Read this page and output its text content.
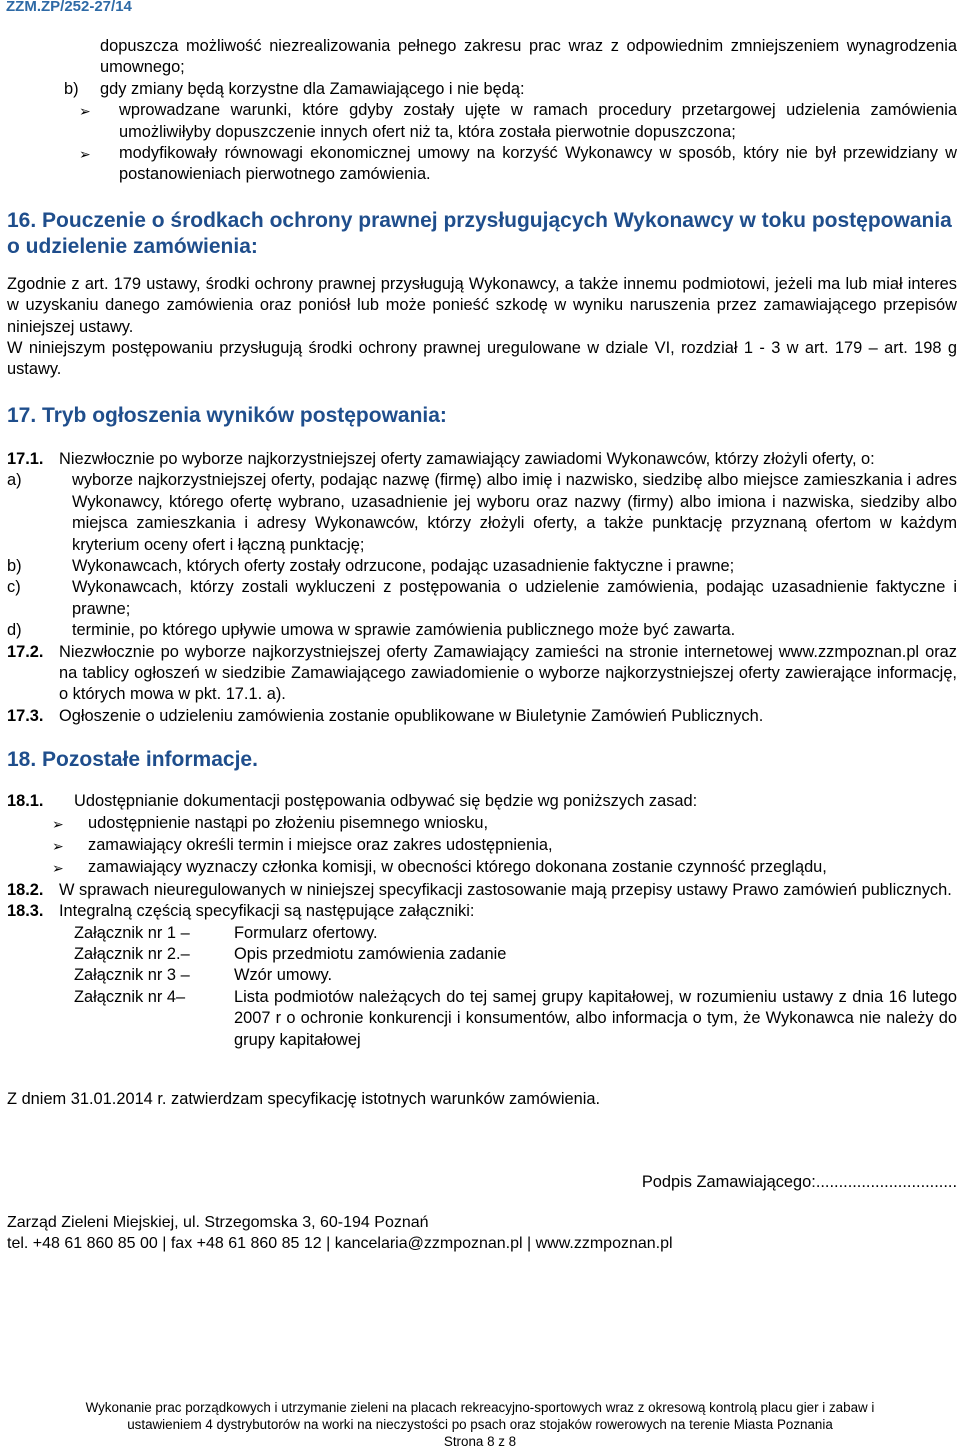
ZZM.ZP/252-27/14

dopuszcza możliwość niezrealizowania pełnego zakresu prac wraz z odpowiednim zmniejszeniem wynagrodzenia umownego;

b)	gdy zmiany będą korzystne dla Zamawiającego i nie będą:
➢	wprowadzane warunki, które gdyby zostały ujęte w ramach procedury przetargowej udzielenia zamówienia umożliwiłyby dopuszczenie innych ofert niż ta, która została pierwotnie dopuszczona;
➢	modyfikowały równowagi ekonomicznej umowy na korzyść Wykonawcy w sposób, który nie był przewidziany w postanowieniach pierwotnego zamówienia.
16. Pouczenie o środkach ochrony prawnej przysługujących Wykonawcy w toku postępowania o udzielenie zamówienia:

Zgodnie z art. 179 ustawy, środki ochrony prawnej przysługują Wykonawcy, a także innemu podmiotowi, jeżeli ma lub miał interes w uzyskaniu danego zamówienia oraz poniósł lub może ponieść szkodę w wyniku naruszenia przez zamawiającego przepisów niniejszej ustawy.

W niniejszym postępowaniu przysługują środki ochrony prawnej uregulowane w dziale VI, rozdział 1 - 3 w art. 179 – art. 198 g ustawy.

17. Tryb ogłoszenia wyników postępowania:
17.1. Niezwłocznie po wyborze najkorzystniejszej oferty zamawiający zawiadomi Wykonawców, którzy złożyli oferty, o:
a)	wyborze najkorzystniejszej oferty, podając nazwę (firmę) albo imię i nazwisko, siedzibę albo miejsce zamieszkania i adres Wykonawcy, którego ofertę wybrano, uzasadnienie jej wyboru oraz nazwy (firmy) albo imiona i nazwiska, siedziby albo miejsca zamieszkania i adresy Wykonawców, którzy złożyli oferty, a także punktację przyznaną ofertom w każdym kryterium oceny ofert i łączną punktację;
b)	Wykonawcach, których oferty zostały odrzucone, podając uzasadnienie faktyczne i prawne;
c)	Wykonawcach, którzy zostali wykluczeni z postępowania o udzielenie zamówienia, podając uzasadnienie faktyczne i prawne;
d)	terminie, po którego upływie umowa w sprawie zamówienia publicznego może być zawarta.
17.2. Niezwłocznie po wyborze najkorzystniejszej oferty Zamawiający zamieści na stronie internetowej www.zzmpoznan.pl oraz na tablicy ogłoszeń w siedzibie Zamawiającego zawiadomienie o wyborze najkorzystniejszej oferty zawierające informację, o których mowa w pkt. 17.1. a).
17.3. Ogłoszenie o udzieleniu zamówienia zostanie opublikowane w Biuletynie Zamówień Publicznych.
18. Pozostałe informacje.
18.1.	Udostępnianie dokumentacji postępowania odbywać się będzie wg poniższych zasad:
➢	udostępnienie nastąpi po złożeniu pisemnego wniosku,
➢	zamawiający określi termin i miejsce oraz zakres udostępnienia,
➢	zamawiający wyznaczy członka komisji, w obecności którego dokonana zostanie czynność przeglądu,
18.2. W sprawach nieuregulowanych w niniejszej specyfikacji zastosowanie mają przepisy ustawy Prawo zamówień publicznych.
18.3. Integralną częścią specyfikacji są następujące załączniki:
Załącznik nr 1 –	Formularz ofertowy.
Załącznik nr 2.–	Opis przedmiotu zamówienia zadanie
Załącznik nr 3 –	Wzór umowy.
Załącznik nr 4–	Lista podmiotów należących do tej samej grupy kapitałowej, w rozumieniu ustawy z dnia 16 lutego 2007 r o ochronie konkurencji i konsumentów, albo informacja o tym, że Wykonawca nie należy do grupy kapitałowej

Z dniem 31.01.2014 r. zatwierdzam specyfikację istotnych warunków zamówienia.

Podpis Zamawiającego:...............................

Zarząd Zieleni Miejskiej, ul. Strzegomska 3, 60-194 Poznań

tel. +48 61 860 85 00 | fax +48 61 860 85 12 | kancelaria@zzmpoznan.pl | www.zzmpoznan.pl

Wykonanie prac porządkowych i utrzymanie zieleni na placach rekreacyjno-sportowych wraz z okresową kontrolą placu gier i zabaw i
ustawieniem 4 dystrybutorów na worki na nieczystości po psach oraz stojaków rowerowych na terenie Miasta Poznania
Strona 8 z 8
